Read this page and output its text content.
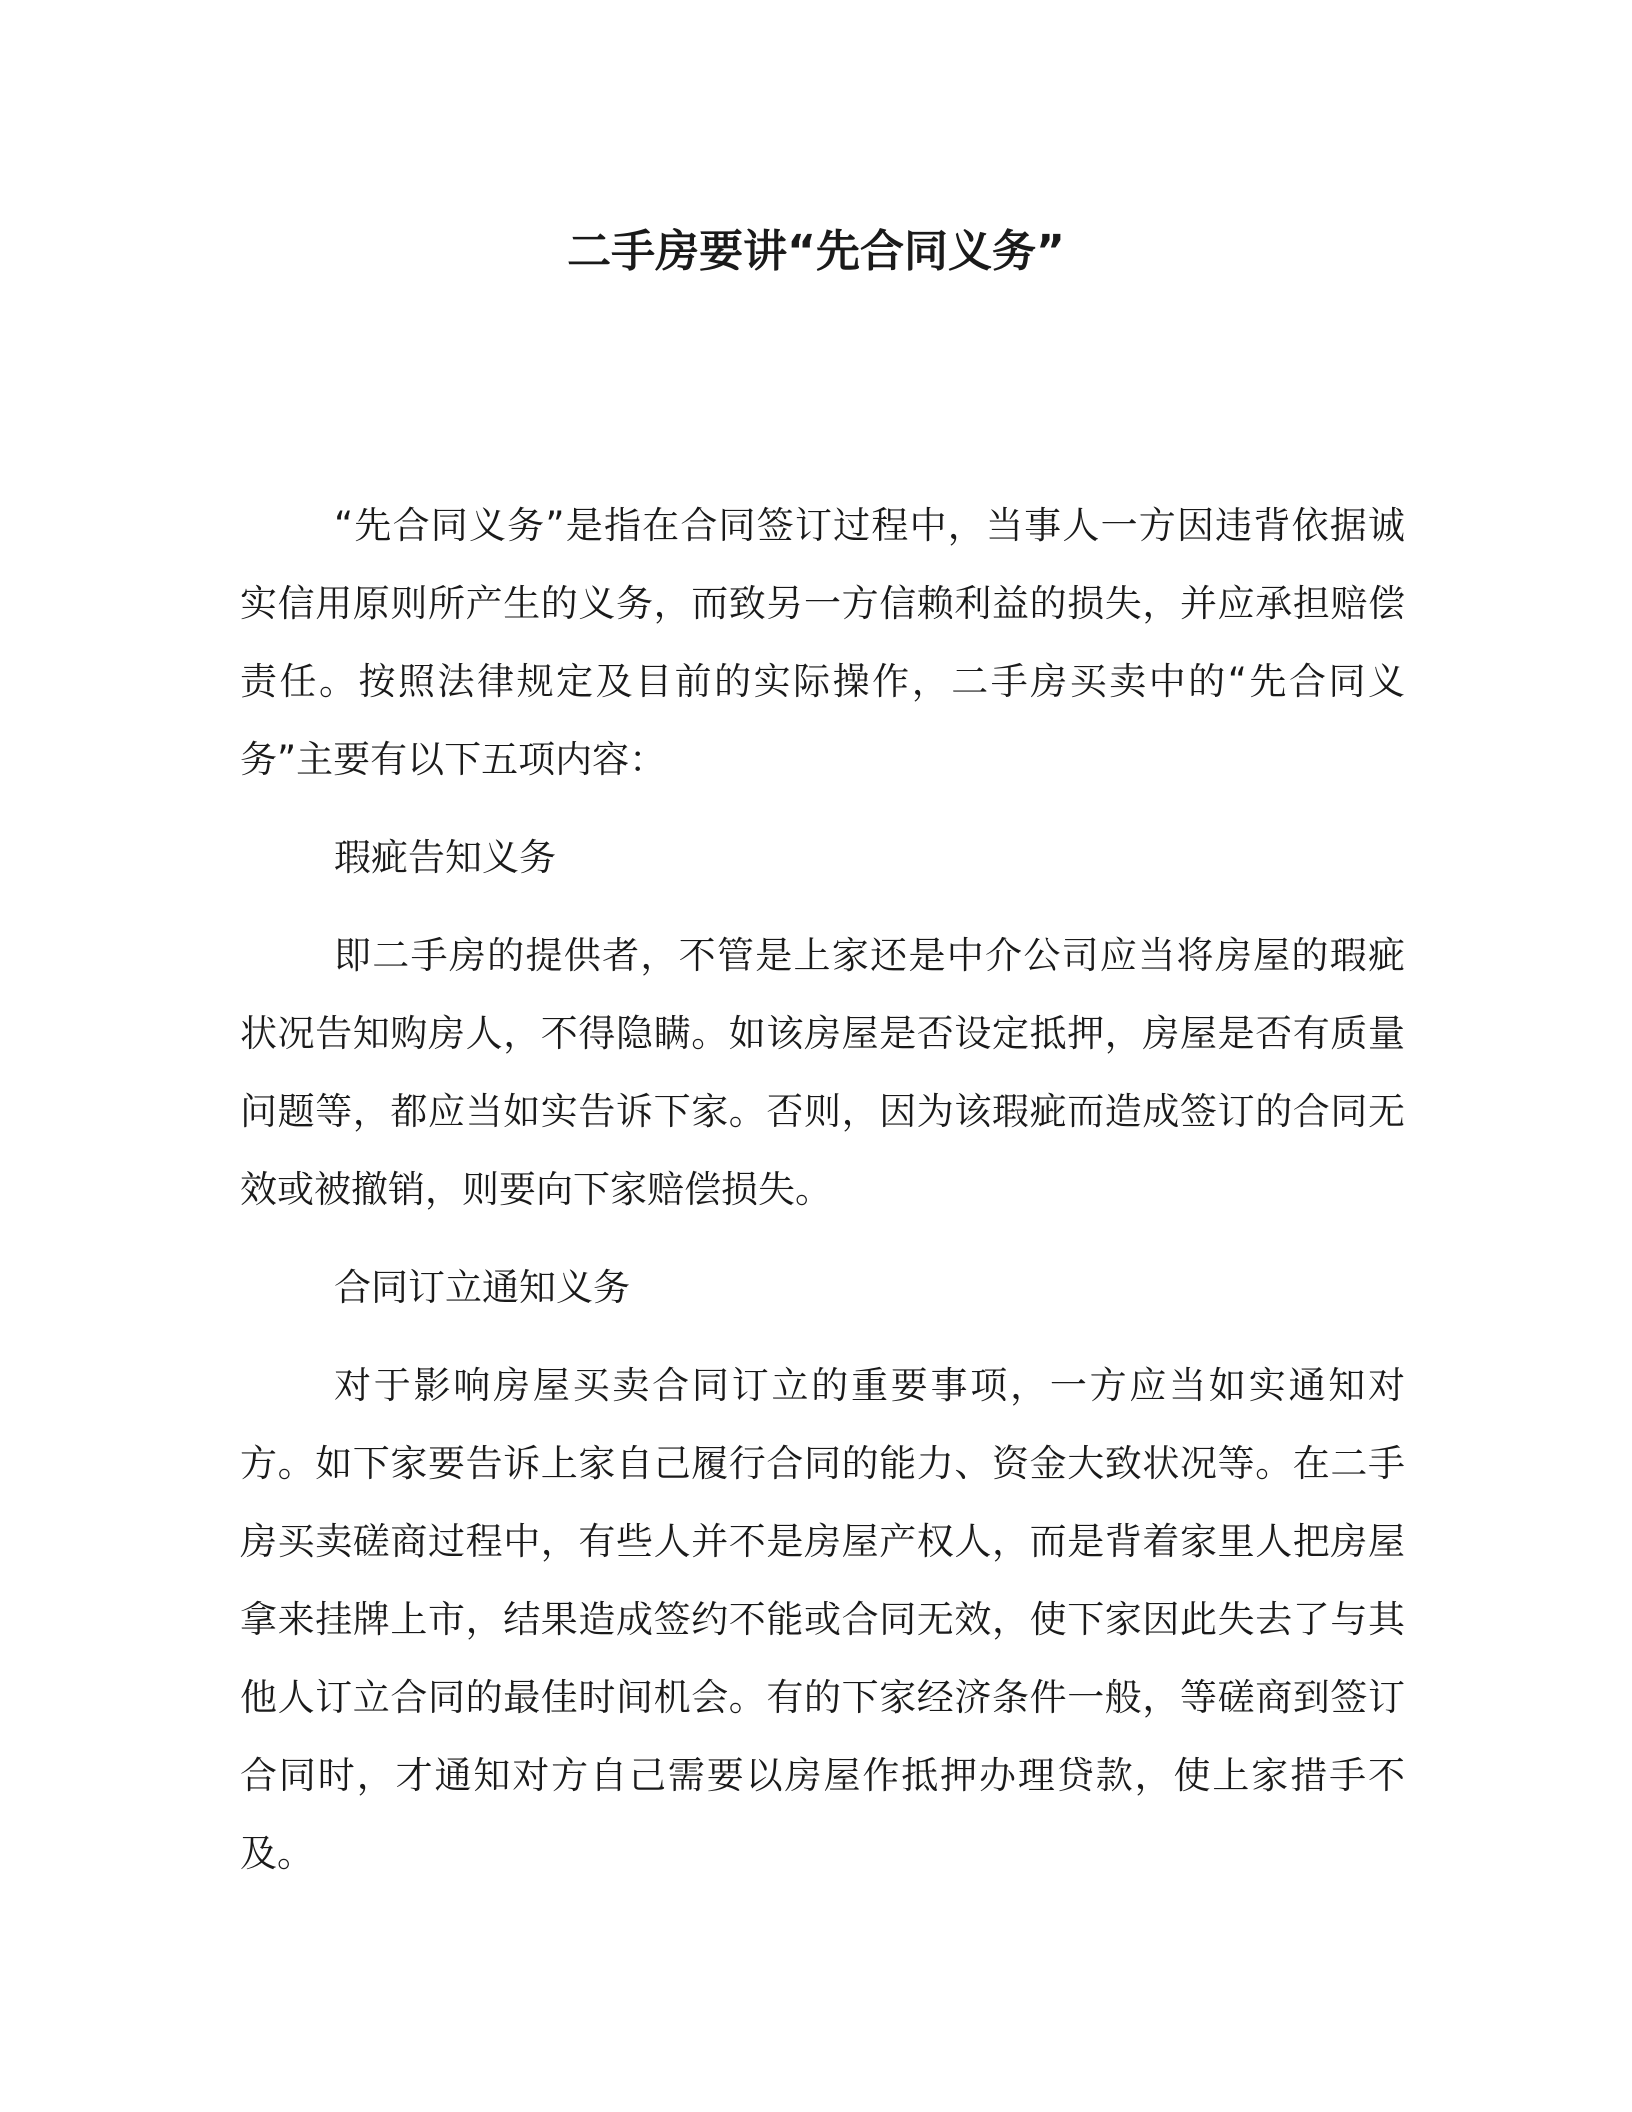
二手房要讲“先合同义务”

“先合同义务”是指在合同签订过程中，当事人一方因违背依据诚实信用原则所产生的义务，而致另一方信赖利益的损失，并应承担赔偿责任。按照法律规定及目前的实际操作，二手房买卖中的“先合同义务”主要有以下五项内容：

瑕疵告知义务

即二手房的提供者，不管是上家还是中介公司应当将房屋的瑕疵状况告知购房人，不得隐瞒。如该房屋是否设定抵押，房屋是否有质量问题等，都应当如实告诉下家。否则，因为该瑕疵而造成签订的合同无效或被撤销，则要向下家赔偿损失。

合同订立通知义务

对于影响房屋买卖合同订立的重要事项，一方应当如实通知对方。如下家要告诉上家自己履行合同的能力、资金大致状况等。在二手房买卖磋商过程中，有些人并不是房屋产权人，而是背着家里人把房屋拿来挂牌上市，结果造成签约不能或合同无效，使下家因此失去了与其他人订立合同的最佳时间机会。有的下家经济条件一般，等磋商到签订合同时，才通知对方自己需要以房屋作抵押办理贷款，使上家措手不及。
